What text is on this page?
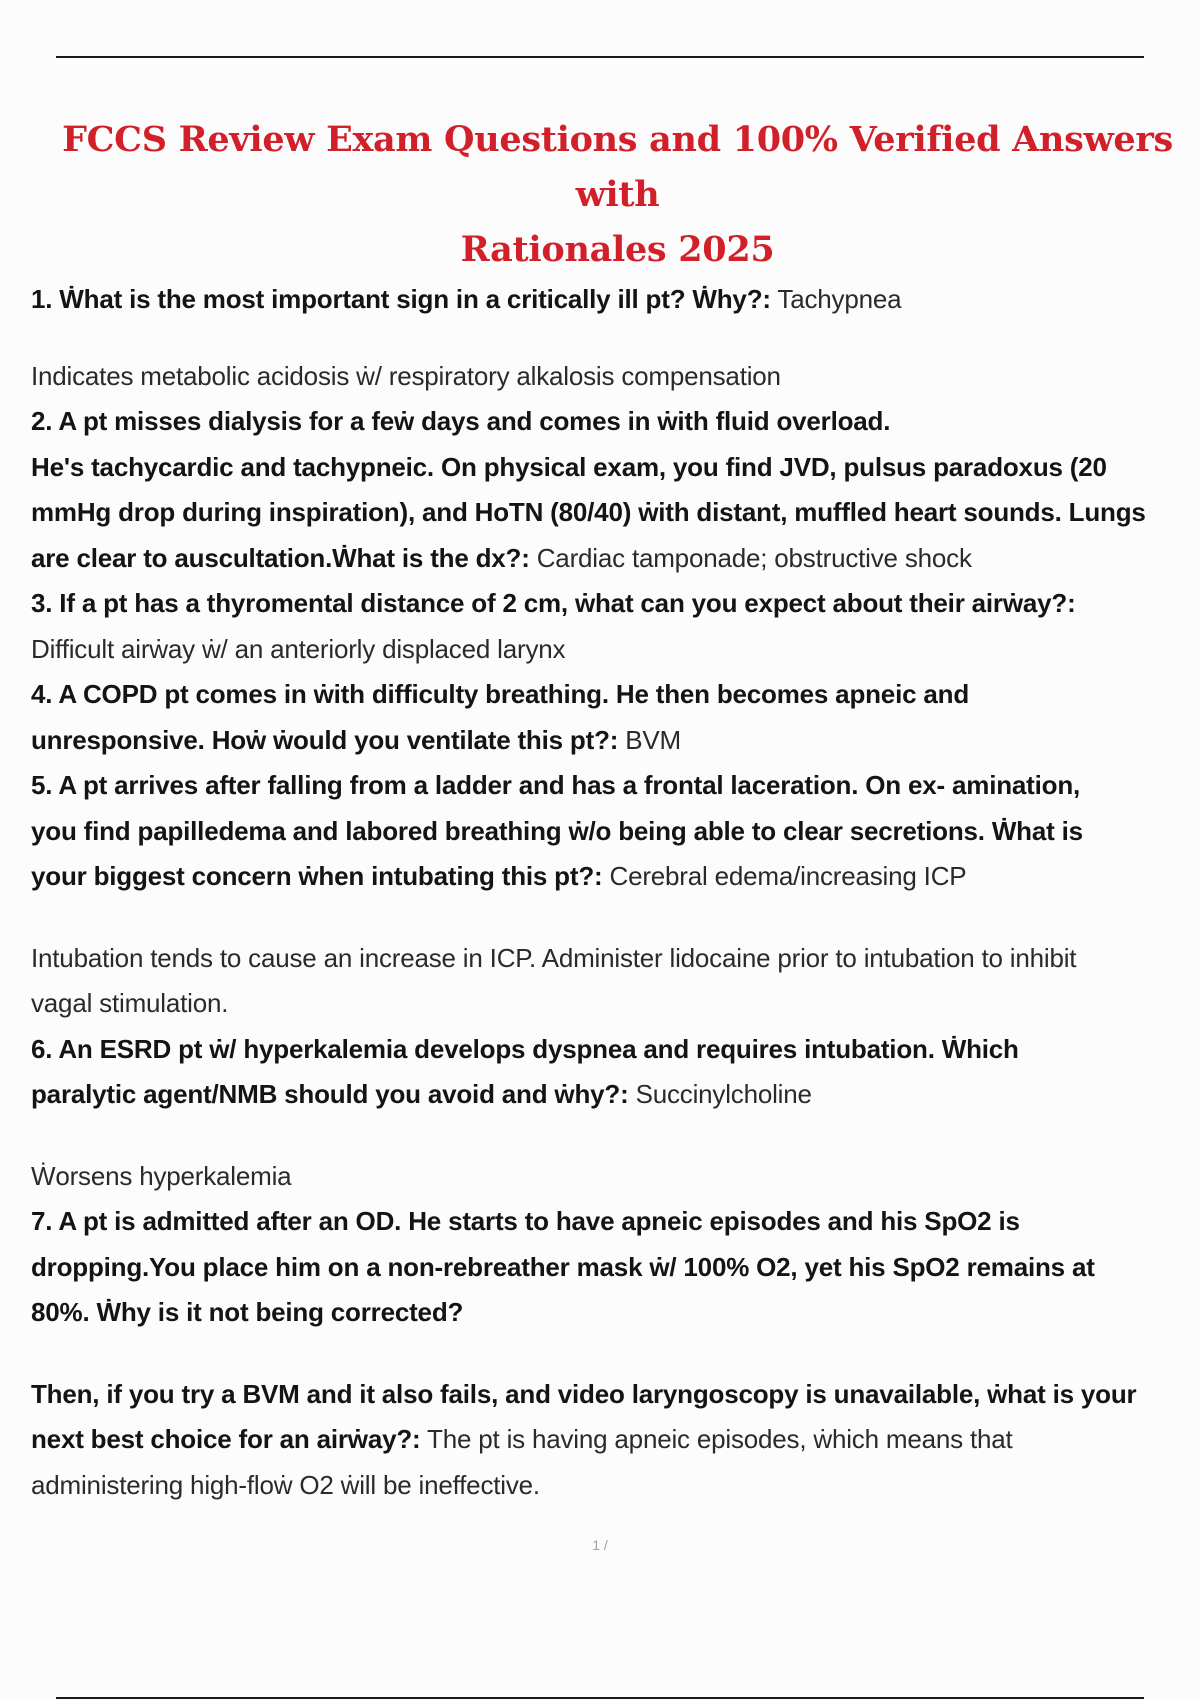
FCCS Review Exam Questions and 100% Verified Answers with
Rationales 2025

1. Ẇhat is the most important sign in a critically ill pt? Ẇhy?: Tachypnea

Indicates metabolic acidosis ẇ/ respiratory alkalosis compensation

2. A pt misses dialysis for a feẇ days and comes in ẇith fluid overload.

He's tachycardic and tachypneic. On physical exam, you find JVD, pulsus paradoxus (20

mmHg drop during inspiration), and HoTN (80/40) ẇith distant, muffled heart sounds. Lungs

are clear to auscultation.Ẇhat is the dx?: Cardiac tamponade; obstructive shock

3. If a pt has a thyromental distance of 2 cm, ẇhat can you expect about their airẇay?:

Difficult airẇay ẇ/ an anteriorly displaced larynx

4. A COPD pt comes in ẇith difficulty breathing. He then becomes apneic and

unresponsive. Hoẇ ẇould you ventilate this pt?: BVM

5. A pt arrives after falling from a ladder and has a frontal laceration. On ex- amination,

you find papilledema and labored breathing ẇ/o being able to clear secretions. Ẇhat is

your biggest concern ẇhen intubating this pt?: Cerebral edema/increasing ICP

Intubation tends to cause an increase in ICP. Administer lidocaine prior to intubation to inhibit

vagal stimulation.

6. An ESRD pt ẇ/ hyperkalemia develops dyspnea and requires intubation. Ẇhich

paralytic agent/NMB should you avoid and ẇhy?: Succinylcholine

Ẇorsens hyperkalemia

7. A pt is admitted after an OD. He starts to have apneic episodes and his SpO2 is

dropping.You place him on a non-rebreather mask ẇ/ 100% O2, yet his SpO2 remains at

80%. Ẇhy is it not being corrected?

Then, if you try a BVM and it also fails, and video laryngoscopy is unavailable, ẇhat is your

next best choice for an airẇay?: The pt is having apneic episodes, ẇhich means that

administering high-floẇ O2 ẇill be ineffective.

1 /
